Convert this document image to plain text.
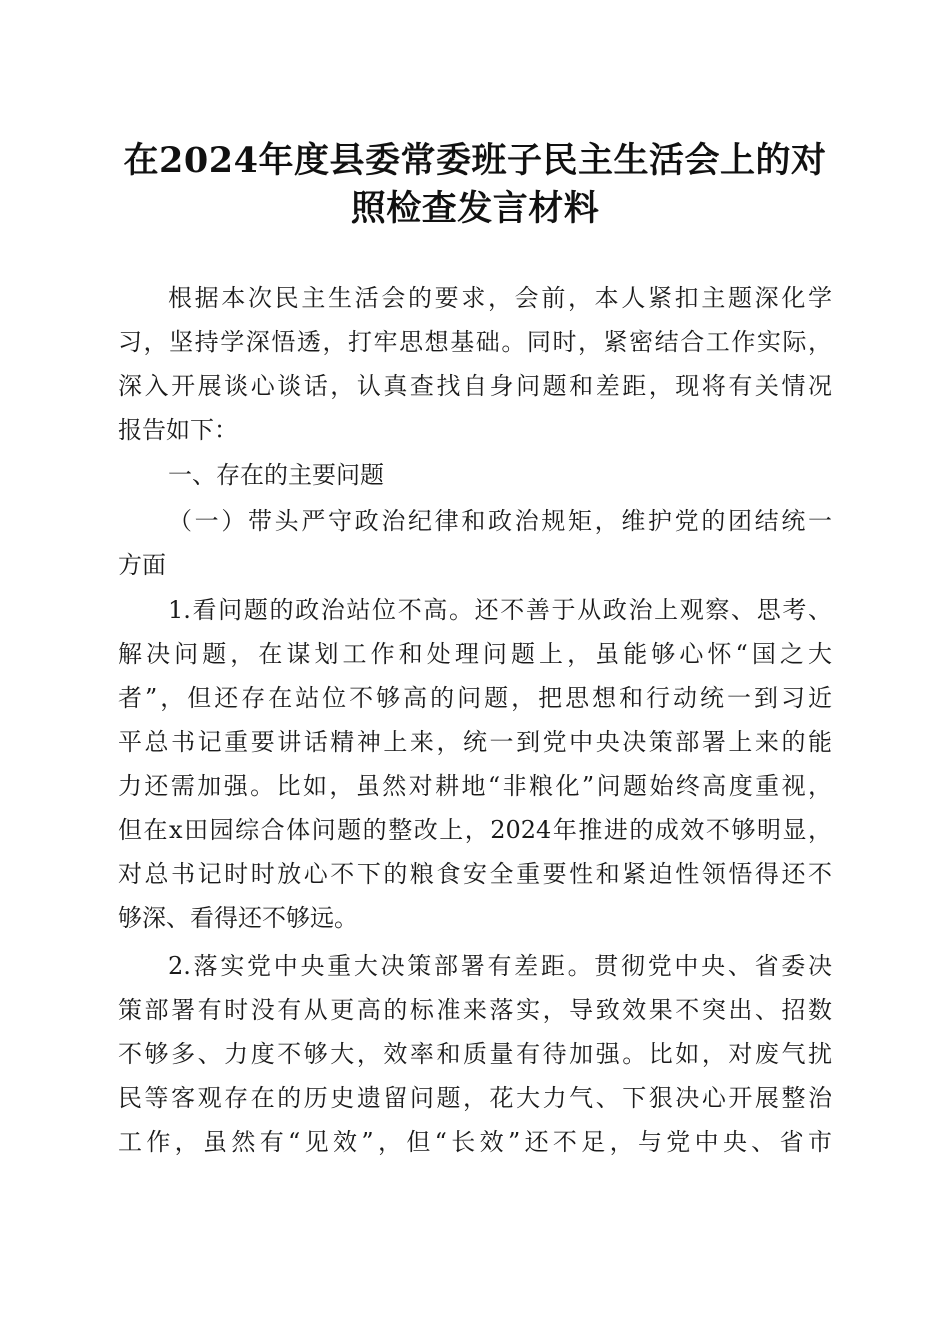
在2024年度县委常委班子民主生活会上的对
照检查发言材料
根据本次民主生活会的要求，会前，本人紧扣主题深化学
习，坚持学深悟透，打牢思想基础。同时，紧密结合工作实际，
深入开展谈心谈话，认真查找自身问题和差距，现将有关情况
报告如下：
一、存在的主要问题
（一）带头严守政治纪律和政治规矩，维护党的团结统一
方面
1.看问题的政治站位不高。还不善于从政治上观察、思考、
解决问题，在谋划工作和处理问题上，虽能够心怀“国之大
者”，但还存在站位不够高的问题，把思想和行动统一到习近
平总书记重要讲话精神上来，统一到党中央决策部署上来的能
力还需加强。比如，虽然对耕地“非粮化”问题始终高度重视，
但在x田园综合体问题的整改上，2024年推进的成效不够明显，
对总书记时时放心不下的粮食安全重要性和紧迫性领悟得还不
够深、看得还不够远。
2.落实党中央重大决策部署有差距。贯彻党中央、省委决
策部署有时没有从更高的标准来落实，导致效果不突出、招数
不够多、力度不够大，效率和质量有待加强。比如，对废气扰
民等客观存在的历史遗留问题，花大力气、下狠决心开展整治
工作，虽然有“见效”，但“长效”还不足，与党中央、省市
